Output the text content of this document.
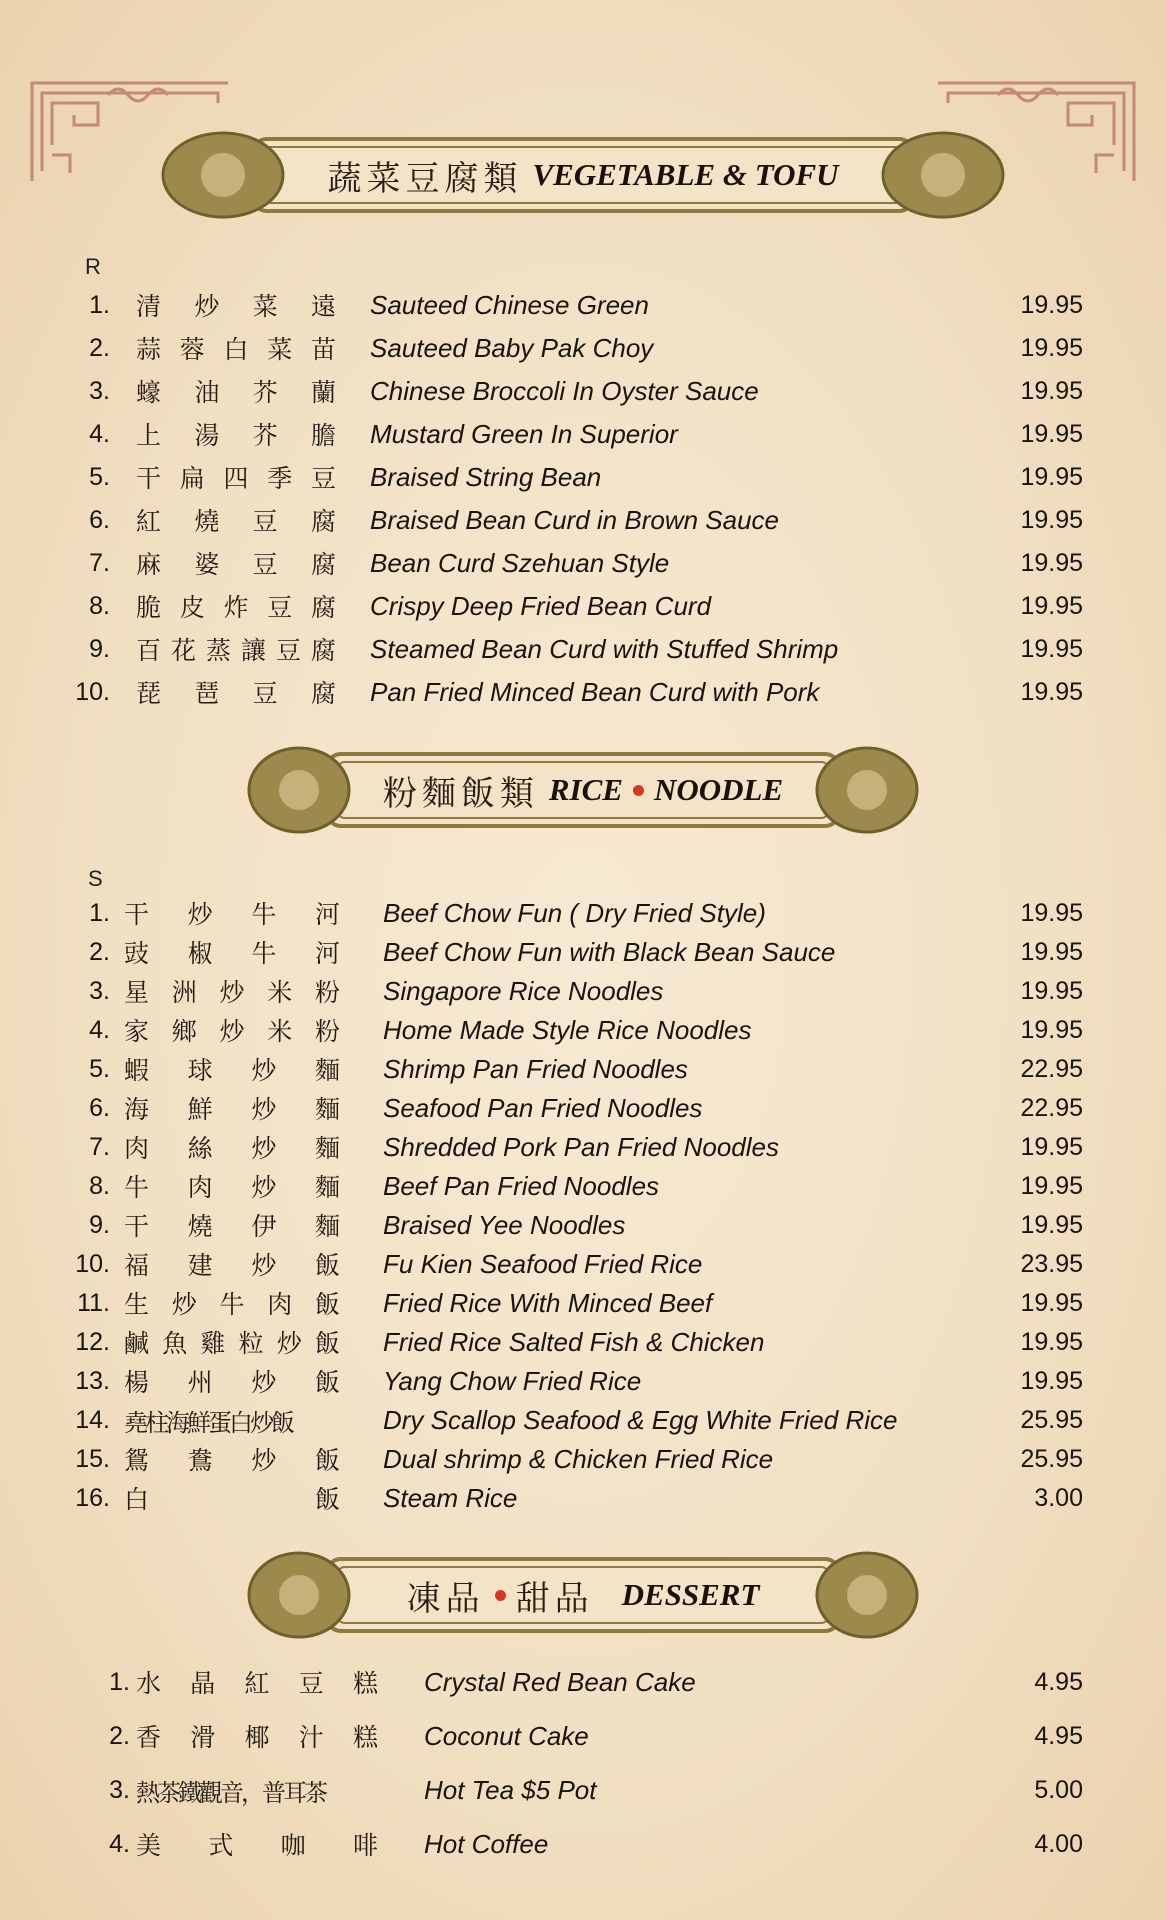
蔬菜豆腐類 VEGETABLE & TOFU
R
1. 清 炒 菜 遠 Sauteed Chinese Green	19.95
2. 蒜 蓉 白 菜 苗 Sauteed Baby Pak Choy	19.95
3. 蠔 油 芥 蘭 Chinese Broccoli In Oyster Sauce	19.95
4. 上 湯 芥 膽 Mustard Green In Superior	19.95
5. 干 扁 四 季 豆 Braised String Bean	19.95
6. 紅 燒 豆 腐 Braised Bean Curd in Brown Sauce	19.95
7. 麻 婆 豆 腐 Bean Curd Szehuan Style	19.95
8. 脆 皮 炸 豆 腐 Crispy Deep Fried Bean Curd	19.95
9. 百 花 蒸 讓 豆 腐 Steamed Bean Curd with Stuffed Shrimp	19.95
10. 琵 琶 豆 腐 Pan Fried Minced Bean Curd with Pork	19.95
粉麵飯類 RICE NOODLE
S
1. 干 炒 牛 河 Beef Chow Fun ( Dry Fried Style)	19.95
2. 豉 椒 牛 河 Beef Chow Fun with Black Bean Sauce	19.95
3. 星 洲 炒 米 粉 Singapore Rice Noodles	19.95
4. 家 鄉 炒 米 粉 Home Made Style Rice Noodles	19.95
5. 蝦 球 炒 麵 Shrimp Pan Fried Noodles	22.95
6. 海 鮮 炒 麵 Seafood Pan Fried Noodles	22.95
7. 肉 絲 炒 麵 Shredded Pork Pan Fried Noodles	19.95
8. 牛 肉 炒 麵 Beef Pan Fried Noodles	19.95
9. 干 燒 伊 麵 Braised Yee Noodles	19.95
10. 福 建 炒 飯 Fu Kien Seafood Fried Rice	23.95
11. 生 炒 牛 肉 飯 Fried Rice With Minced Beef	19.95
12. 鹹 魚 雞 粒 炒 飯 Fried Rice Salted Fish & Chicken	19.95
13. 楊 州 炒 飯 Yang Chow Fried Rice	19.95
14. 堯柱海鮮蛋白炒飯	Dry Scallop Seafood & Egg White Fried Rice	25.95
15. 鴛 鴦 炒 飯 Dual shrimp & Chicken Fried Rice	25.95
16. 白	飯 Steam Rice	3.00
凍品 甜品 DESSERT
1. 水 晶 紅 豆 糕 Crystal Red Bean Cake	4.95
2. 香 滑 椰 汁 糕 Coconut Cake	4.95
3. 熱茶鐵觀音，普耳茶	Hot Tea $5 Pot	5.00
4. 美 式 咖 啡 Hot Coffee	4.00
